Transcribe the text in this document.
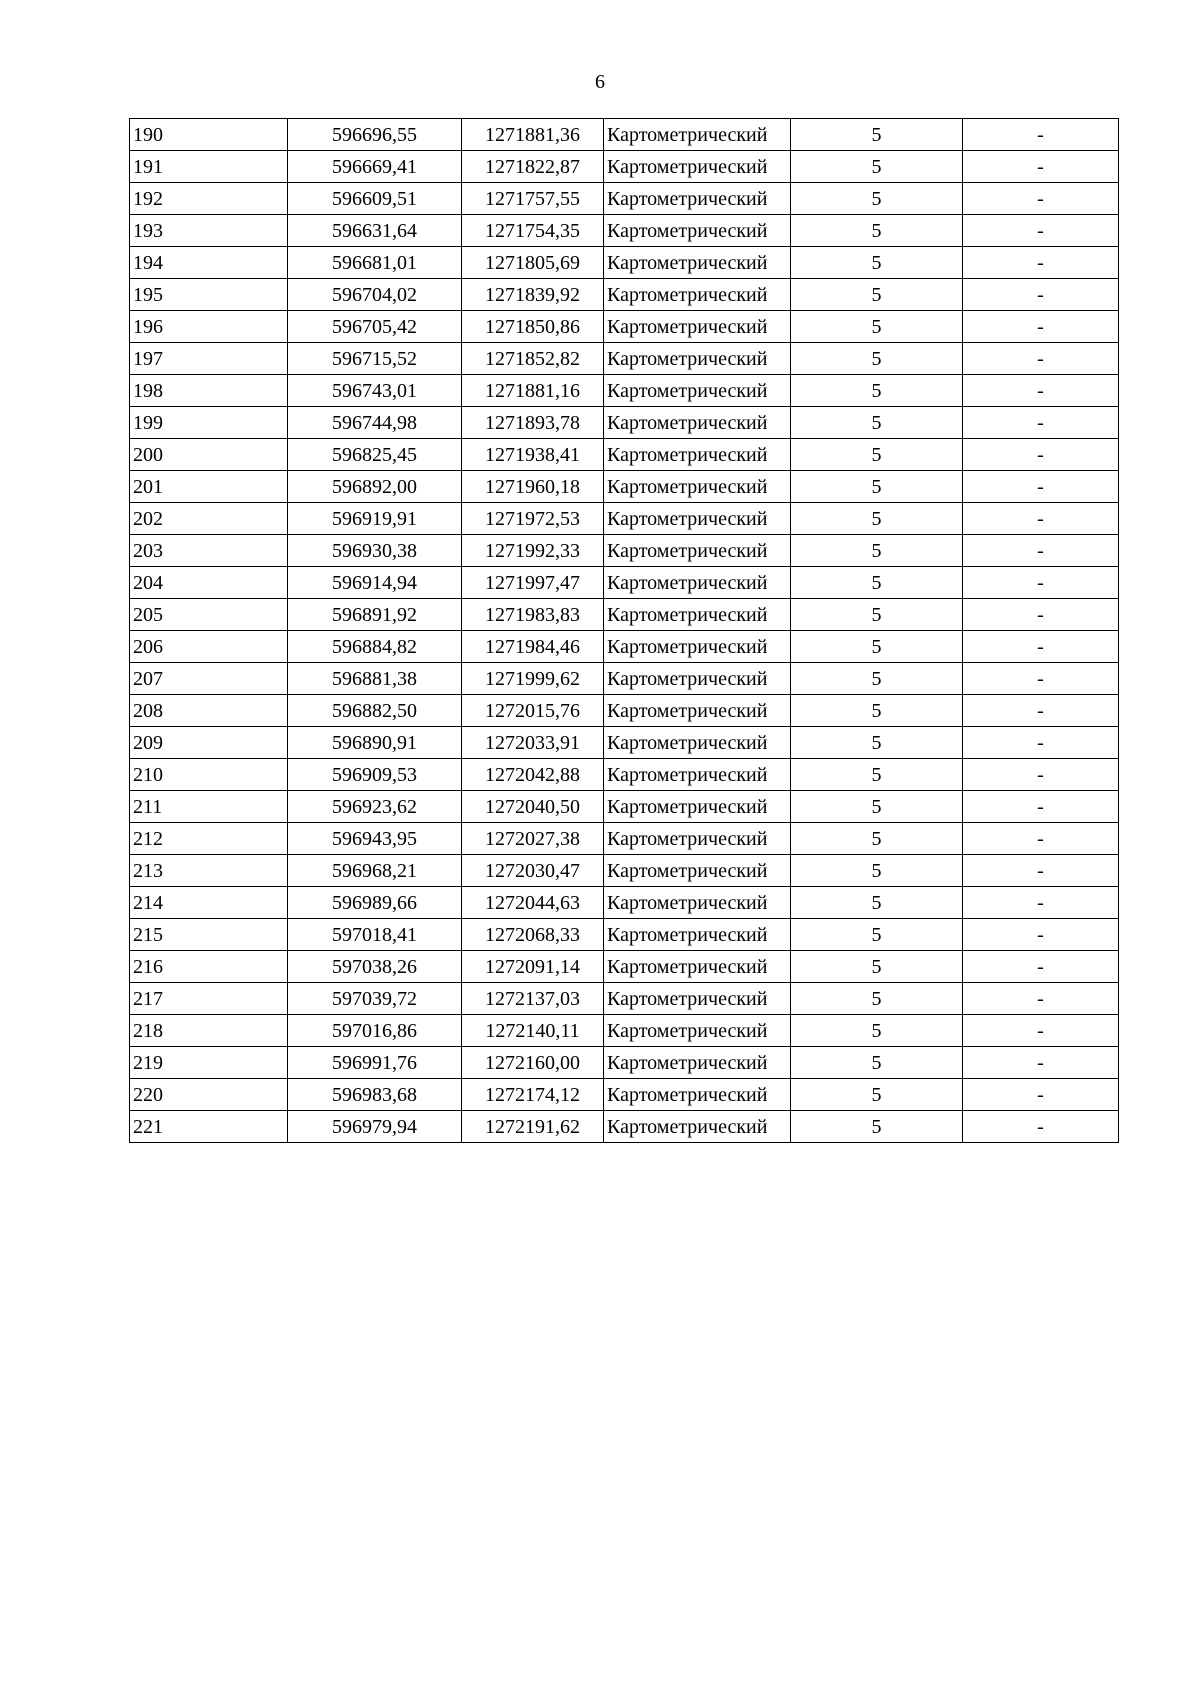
6
190	596696,55	1271881,36	Картометрический	5	-
191	596669,41	1271822,87	Картометрический	5	-
192	596609,51	1271757,55	Картометрический	5	-
193	596631,64	1271754,35	Картометрический	5	-
194	596681,01	1271805,69	Картометрический	5	-
195	596704,02	1271839,92	Картометрический	5	-
196	596705,42	1271850,86	Картометрический	5	-
197	596715,52	1271852,82	Картометрический	5	-
198	596743,01	1271881,16	Картометрический	5	-
199	596744,98	1271893,78	Картометрический	5	-
200	596825,45	1271938,41	Картометрический	5	-
201	596892,00	1271960,18	Картометрический	5	-
202	596919,91	1271972,53	Картометрический	5	-
203	596930,38	1271992,33	Картометрический	5	-
204	596914,94	1271997,47	Картометрический	5	-
205	596891,92	1271983,83	Картометрический	5	-
206	596884,82	1271984,46	Картометрический	5	-
207	596881,38	1271999,62	Картометрический	5	-
208	596882,50	1272015,76	Картометрический	5	-
209	596890,91	1272033,91	Картометрический	5	-
210	596909,53	1272042,88	Картометрический	5	-
211	596923,62	1272040,50	Картометрический	5	-
212	596943,95	1272027,38	Картометрический	5	-
213	596968,21	1272030,47	Картометрический	5	-
214	596989,66	1272044,63	Картометрический	5	-
215	597018,41	1272068,33	Картометрический	5	-
216	597038,26	1272091,14	Картометрический	5	-
217	597039,72	1272137,03	Картометрический	5	-
218	597016,86	1272140,11	Картометрический	5	-
219	596991,76	1272160,00	Картометрический	5	-
220	596983,68	1272174,12	Картометрический	5	-
221	596979,94	1272191,62	Картометрический	5	-
